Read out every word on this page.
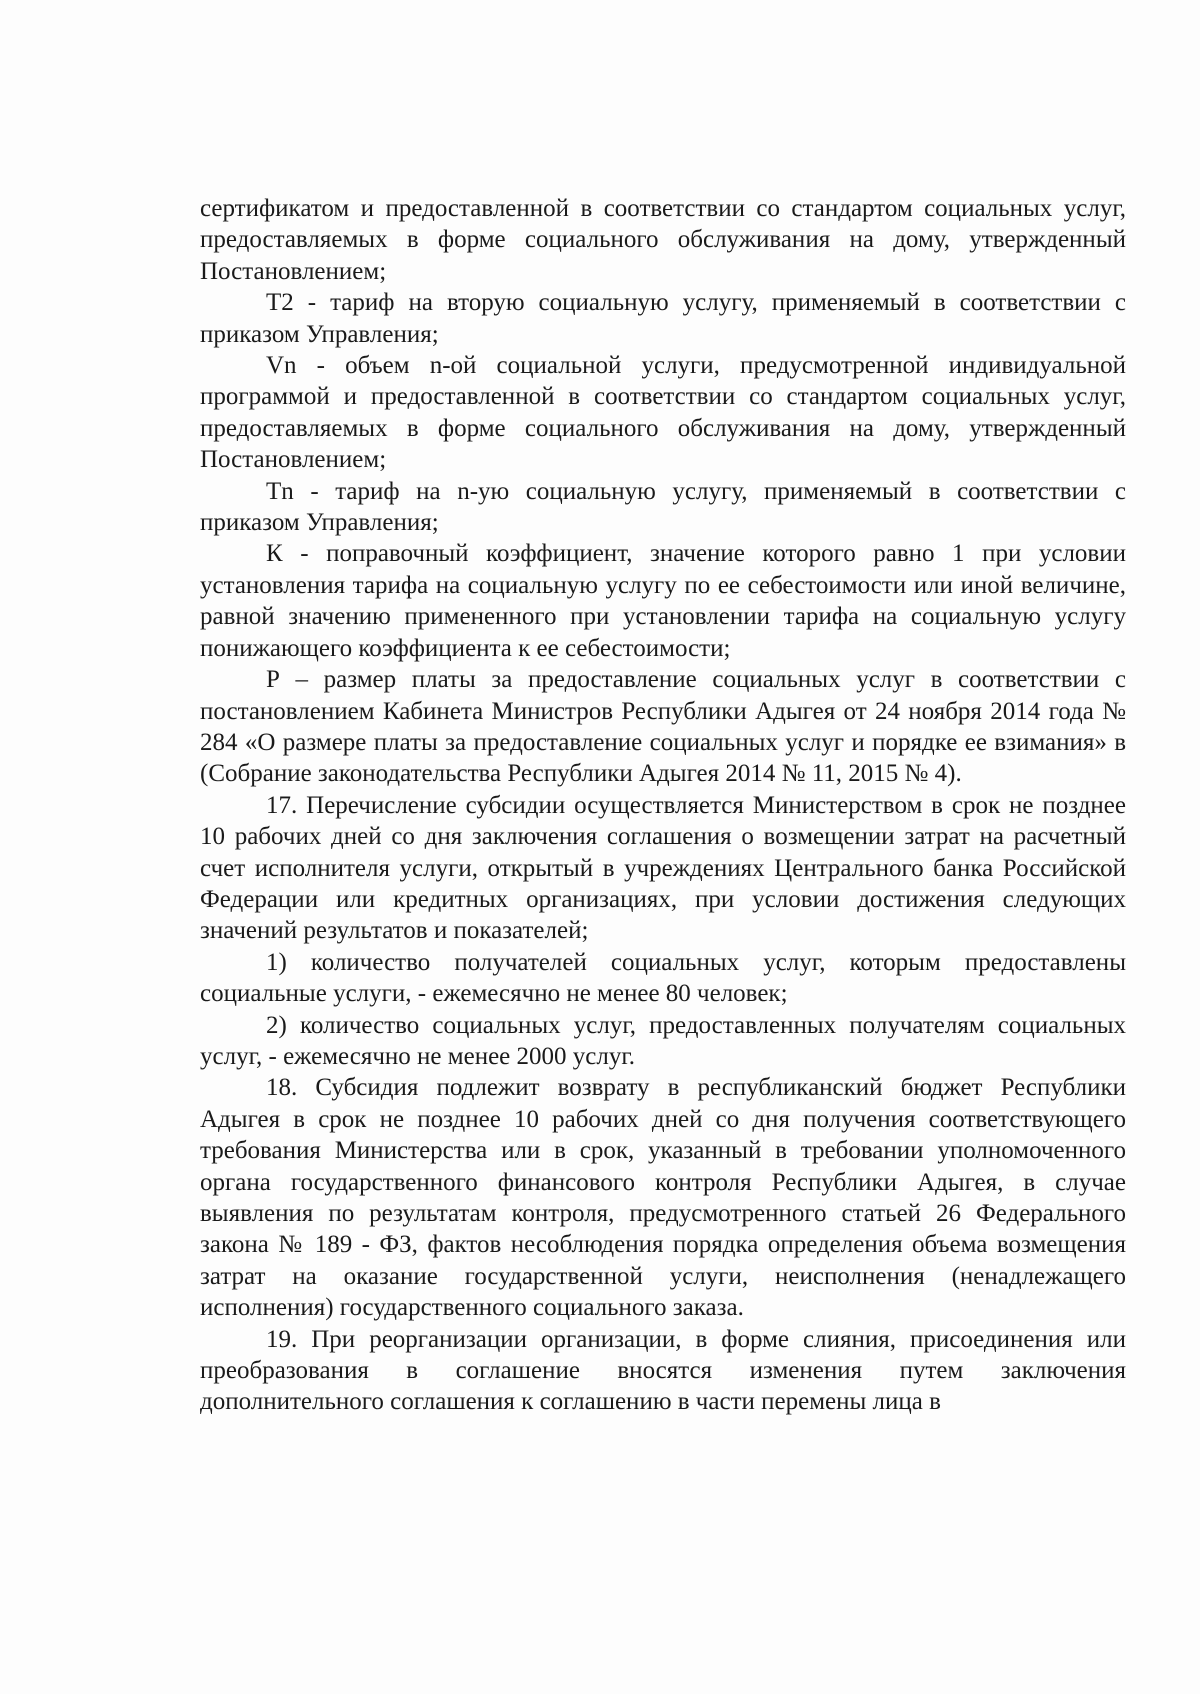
сертификатом и предоставленной в соответствии со стандартом социальных услуг, предоставляемых в форме социального обслуживания на дому, утвержденный Постановлением;

Т2 - тариф на вторую социальную услугу, применяемый в соответствии с приказом Управления;

Vn - объем n-ой социальной услуги, предусмотренной индивидуальной программой и предоставленной в соответствии со стандартом социальных услуг, предоставляемых в форме социального обслуживания на дому, утвержденный Постановлением;

Тn - тариф на n-ую социальную услугу, применяемый в соответствии с приказом Управления;

К - поправочный коэффициент, значение которого равно 1 при условии установления тарифа на социальную услугу по ее себестоимости или иной величине, равной значению примененного при установлении тарифа на социальную услугу понижающего коэффициента к ее себестоимости;

Р – размер платы за предоставление социальных услуг в соответствии с постановлением Кабинета Министров Республики Адыгея от 24 ноября 2014 года № 284 «О размере платы за предоставление социальных услуг и порядке ее взимания» в (Собрание законодательства Республики Адыгея 2014 № 11, 2015 № 4).

17. Перечисление субсидии осуществляется Министерством в срок не позднее 10 рабочих дней со дня заключения соглашения о возмещении затрат на расчетный счет исполнителя услуги, открытый в учреждениях Центрального банка Российской Федерации или кредитных организациях, при условии достижения следующих значений результатов и показателей;

1) количество получателей социальных услуг, которым предоставлены социальные услуги, - ежемесячно не менее 80 человек;

2) количество социальных услуг, предоставленных получателям социальных услуг, - ежемесячно не менее 2000 услуг.

18. Субсидия подлежит возврату в республиканский бюджет Республики Адыгея в срок не позднее 10 рабочих дней со дня получения соответствующего требования Министерства или в срок, указанный в требовании уполномоченного органа государственного финансового контроля Республики Адыгея, в случае выявления по результатам контроля, предусмотренного статьей 26 Федерального закона № 189 - ФЗ, фактов несоблюдения порядка определения объема возмещения затрат на оказание государственной услуги, неисполнения (ненадлежащего исполнения) государственного социального заказа.

19. При реорганизации организации, в форме слияния, присоединения или преобразования в соглашение вносятся изменения путем заключения дополнительного соглашения к соглашению в части перемены лица в
